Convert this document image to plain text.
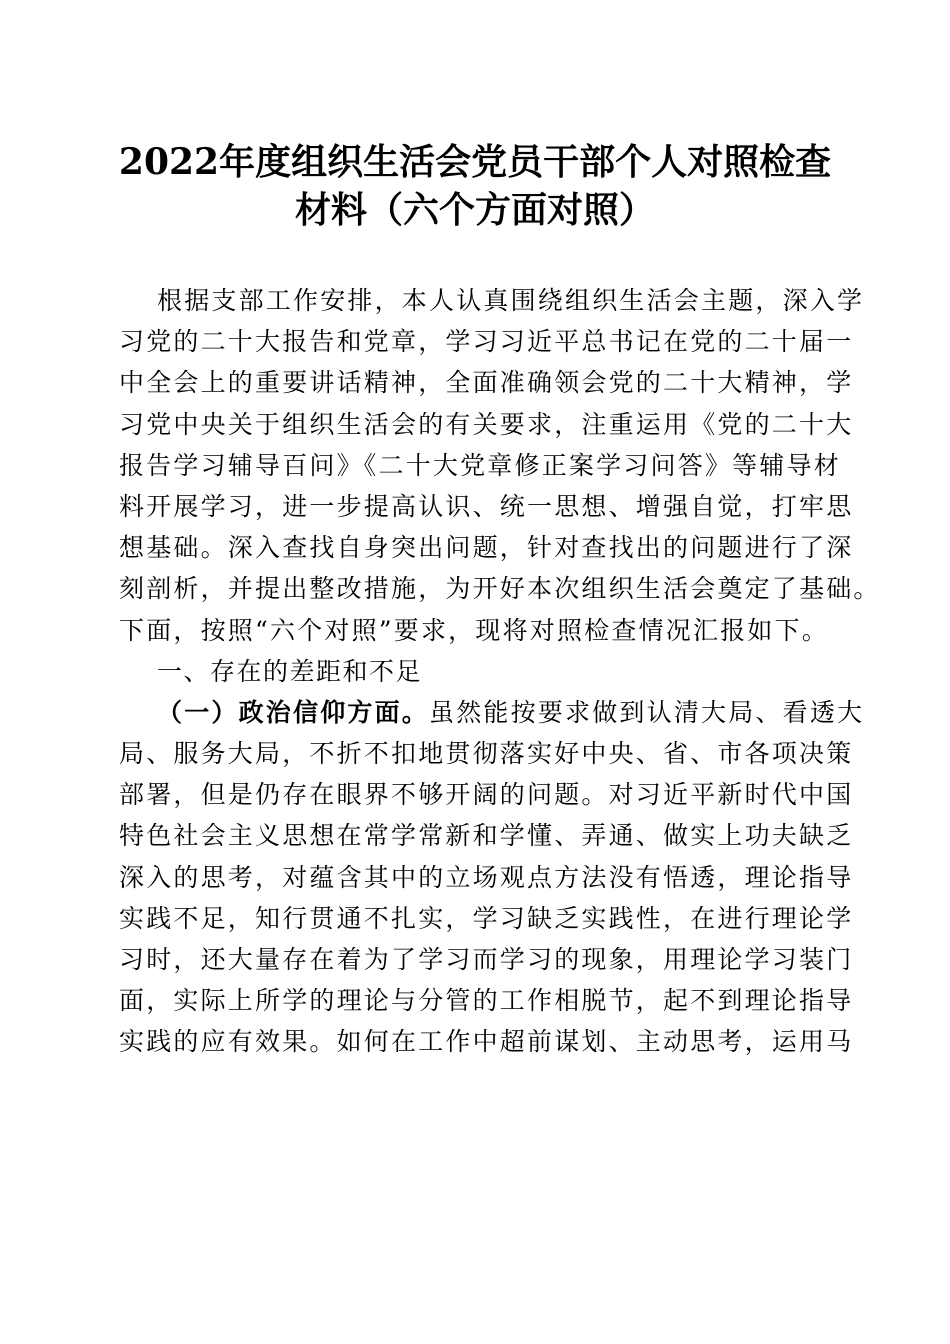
2022年度组织生活会党员干部个人对照检查
材料（六个方面对照）
根据支部工作安排，本人认真围绕组织生活会主题，深入学
习党的二十大报告和党章，学习习近平总书记在党的二十届一
中全会上的重要讲话精神，全面准确领会党的二十大精神，学
习党中央关于组织生活会的有关要求，注重运用《党的二十大
报告学习辅导百问》《二十大党章修正案学习问答》等辅导材
料开展学习，进一步提高认识、统一思想、增强自觉，打牢思
想基础。深入查找自身突出问题，针对查找出的问题进行了深
刻剖析，并提出整改措施，为开好本次组织生活会奠定了基础。
下面，按照“六个对照”要求，现将对照检查情况汇报如下。
一、存在的差距和不足
（一）政治信仰方面。虽然能按要求做到认清大局、看透大
局、服务大局，不折不扣地贯彻落实好中央、省、市各项决策
部署，但是仍存在眼界不够开阔的问题。对习近平新时代中国
特色社会主义思想在常学常新和学懂、弄通、做实上功夫缺乏
深入的思考，对蕴含其中的立场观点方法没有悟透，理论指导
实践不足，知行贯通不扎实，学习缺乏实践性，在进行理论学
习时，还大量存在着为了学习而学习的现象，用理论学习装门
面，实际上所学的理论与分管的工作相脱节，起不到理论指导
实践的应有效果。如何在工作中超前谋划、主动思考，运用马
